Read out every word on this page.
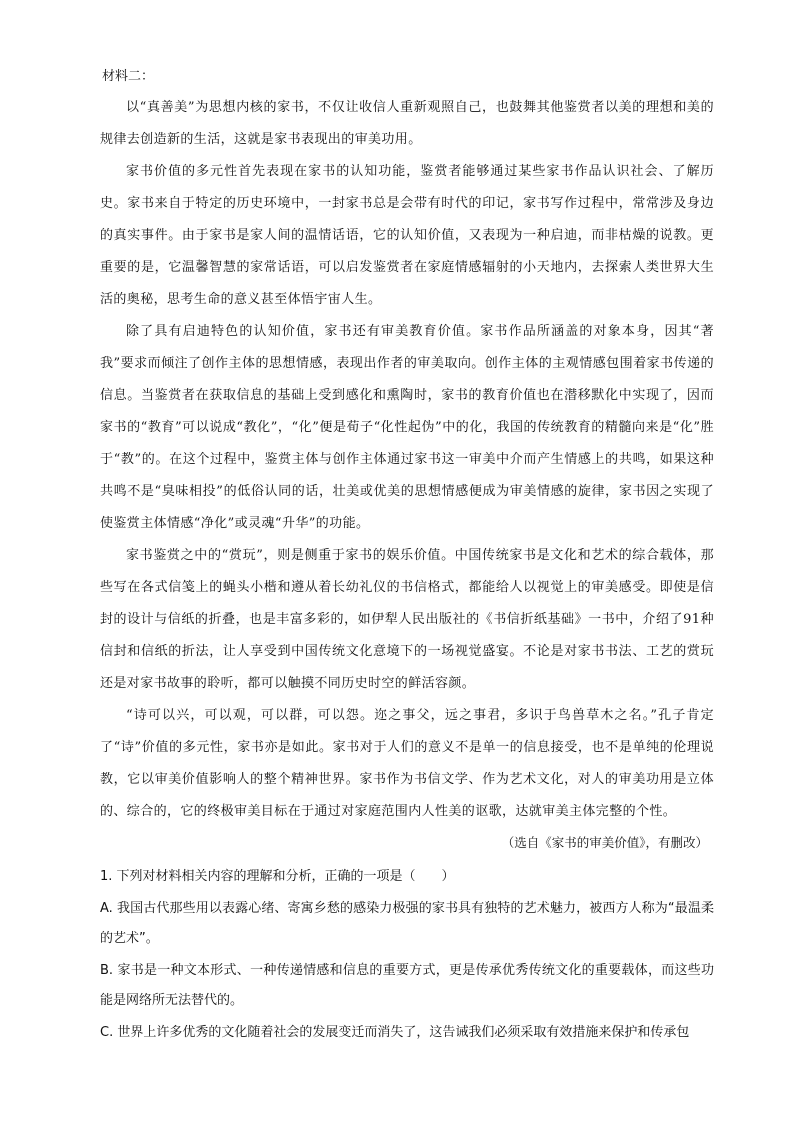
材料二：

以“真善美”为思想内核的家书，不仅让收信人重新观照自己，也鼓舞其他鉴赏者以美的理想和美的规律去创造新的生活，这就是家书表现出的审美功用。

家书价值的多元性首先表现在家书的认知功能，鉴赏者能够通过某些家书作品认识社会、了解历史。家书来自于特定的历史环境中，一封家书总是会带有时代的印记，家书写作过程中，常常涉及身边的真实事件。由于家书是家人间的温情话语，它的认知价值，又表现为一种启迪，而非枯燥的说教。更重要的是，它温馨智慧的家常话语，可以启发鉴赏者在家庭情感辐射的小天地内，去探索人类世界大生活的奥秘，思考生命的意义甚至体悟宇宙人生。

除了具有启迪特色的认知价值，家书还有审美教育价值。家书作品所涵盖的对象本身，因其“著我”要求而倾注了创作主体的思想情感，表现出作者的审美取向。创作主体的主观情感包围着家书传递的信息。当鉴赏者在获取信息的基础上受到感化和熏陶时，家书的教育价值也在潜移默化中实现了，因而家书的“教育”可以说成“教化”，“化”便是荀子“化性起伪”中的化，我国的传统教育的精髓向来是“化”胜于“教”的。在这个过程中，鉴赏主体与创作主体通过家书这一审美中介而产生情感上的共鸣，如果这种共鸣不是“臭味相投”的低俗认同的话，壮美或优美的思想情感便成为审美情感的旋律，家书因之实现了使鉴赏主体情感“净化”或灵魂“升华”的功能。

家书鉴赏之中的“赏玩”，则是侧重于家书的娱乐价值。中国传统家书是文化和艺术的综合载体，那些写在各式信笺上的蝇头小楷和遵从着长幼礼仪的书信格式，都能给人以视觉上的审美感受。即使是信封的设计与信纸的折叠，也是丰富多彩的，如伊犁人民出版社的《书信折纸基础》一书中，介绍了91种信封和信纸的折法，让人享受到中国传统文化意境下的一场视觉盛宴。不论是对家书书法、工艺的赏玩还是对家书故事的聆听，都可以触摸不同历史时空的鲜活容颜。

“诗可以兴，可以观，可以群，可以怨。迩之事父，远之事君，多识于鸟兽草木之名。”孔子肯定了“诗”价值的多元性，家书亦是如此。家书对于人们的意义不是单一的信息接受，也不是单纯的伦理说教，它以审美价值影响人的整个精神世界。家书作为书信文学、作为艺术文化，对人的审美功用是立体的、综合的，它的终极审美目标在于通过对家庭范围内人性美的讴歌，达就审美主体完整的个性。

（选自《家书的审美价值》，有删改）

1. 下列对材料相关内容的理解和分析，正确的一项是（　　）

A. 我国古代那些用以表露心绪、寄寓乡愁的感染力极强的家书具有独特的艺术魅力，被西方人称为“最温柔的艺术”。

B. 家书是一种文本形式、一种传递情感和信息的重要方式，更是传承优秀传统文化的重要载体，而这些功能是网络所无法替代的。

C. 世界上许多优秀的文化随着社会的发展变迁而消失了，这告诫我们必须采取有效措施来保护和传承包
